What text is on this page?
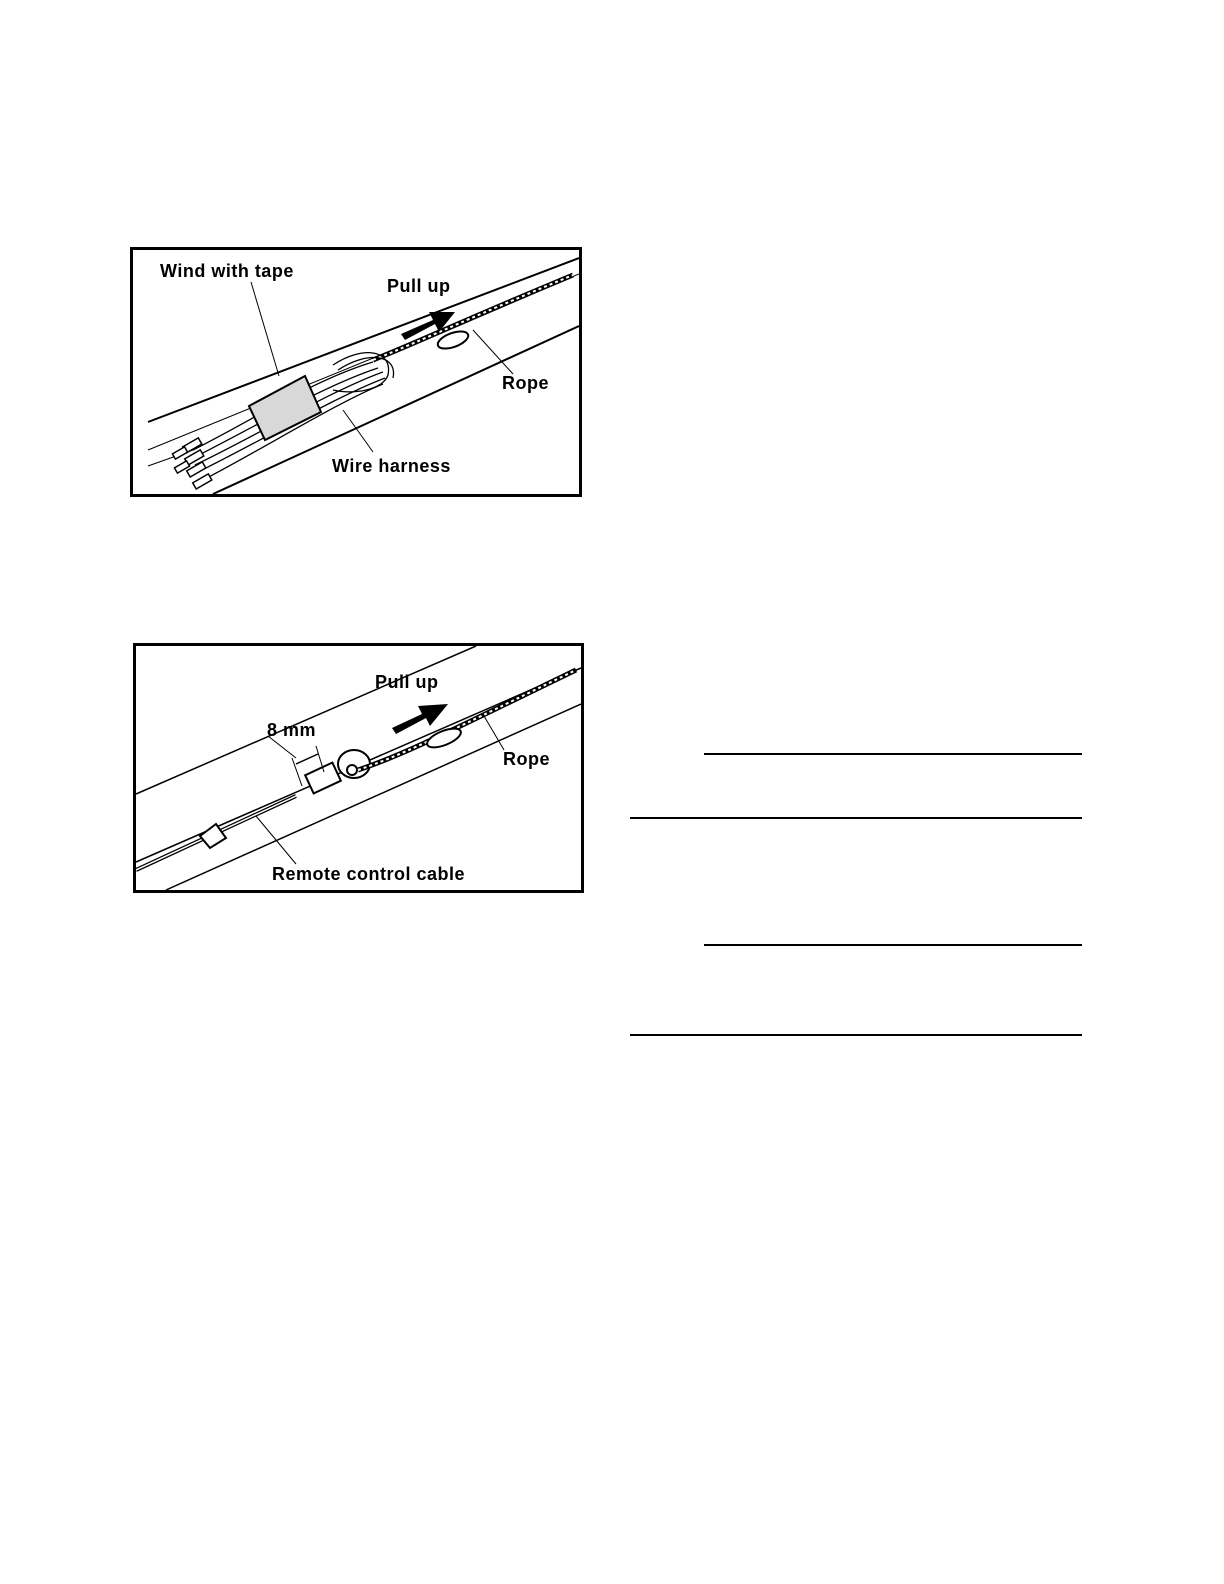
Wind with tape
Pull up
Rope
Wire harness
Pull up
8 mm
Rope
Remote control cable
